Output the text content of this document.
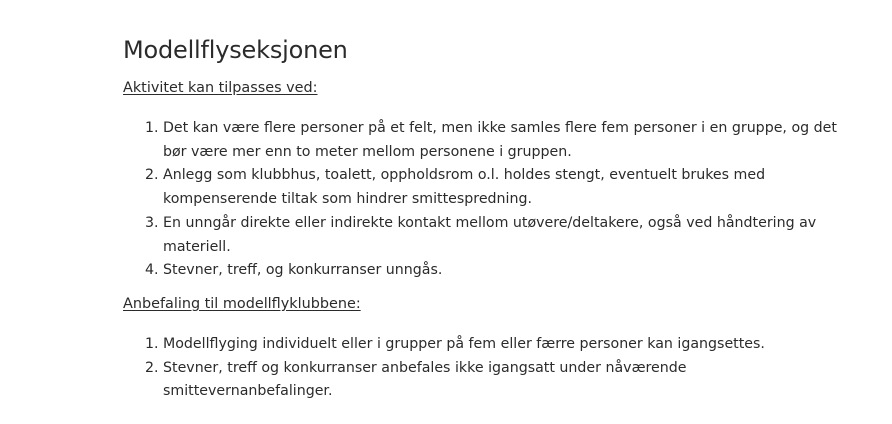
Modellflyseksjonen

Aktivitet kan tilpasses ved:

1. Det kan være flere personer på et felt, men ikke samles flere fem personer i en gruppe, og det bør være mer enn to meter mellom personene i gruppen.
2. Anlegg som klubbhus, toalett, oppholdsrom o.l. holdes stengt, eventuelt brukes med kompenserende tiltak som hindrer smittespredning.
3. En unngår direkte eller indirekte kontakt mellom utøvere/deltakere, også ved håndtering av materiell.
4. Stevner, treff, og konkurranser unngås.

Anbefaling til modellflyklubbene:

1. Modellflyging individuelt eller i grupper på fem eller færre personer kan igangsettes.
2. Stevner, treff og konkurranser anbefales ikke igangsatt under nåværende smittevernanbefalinger.
